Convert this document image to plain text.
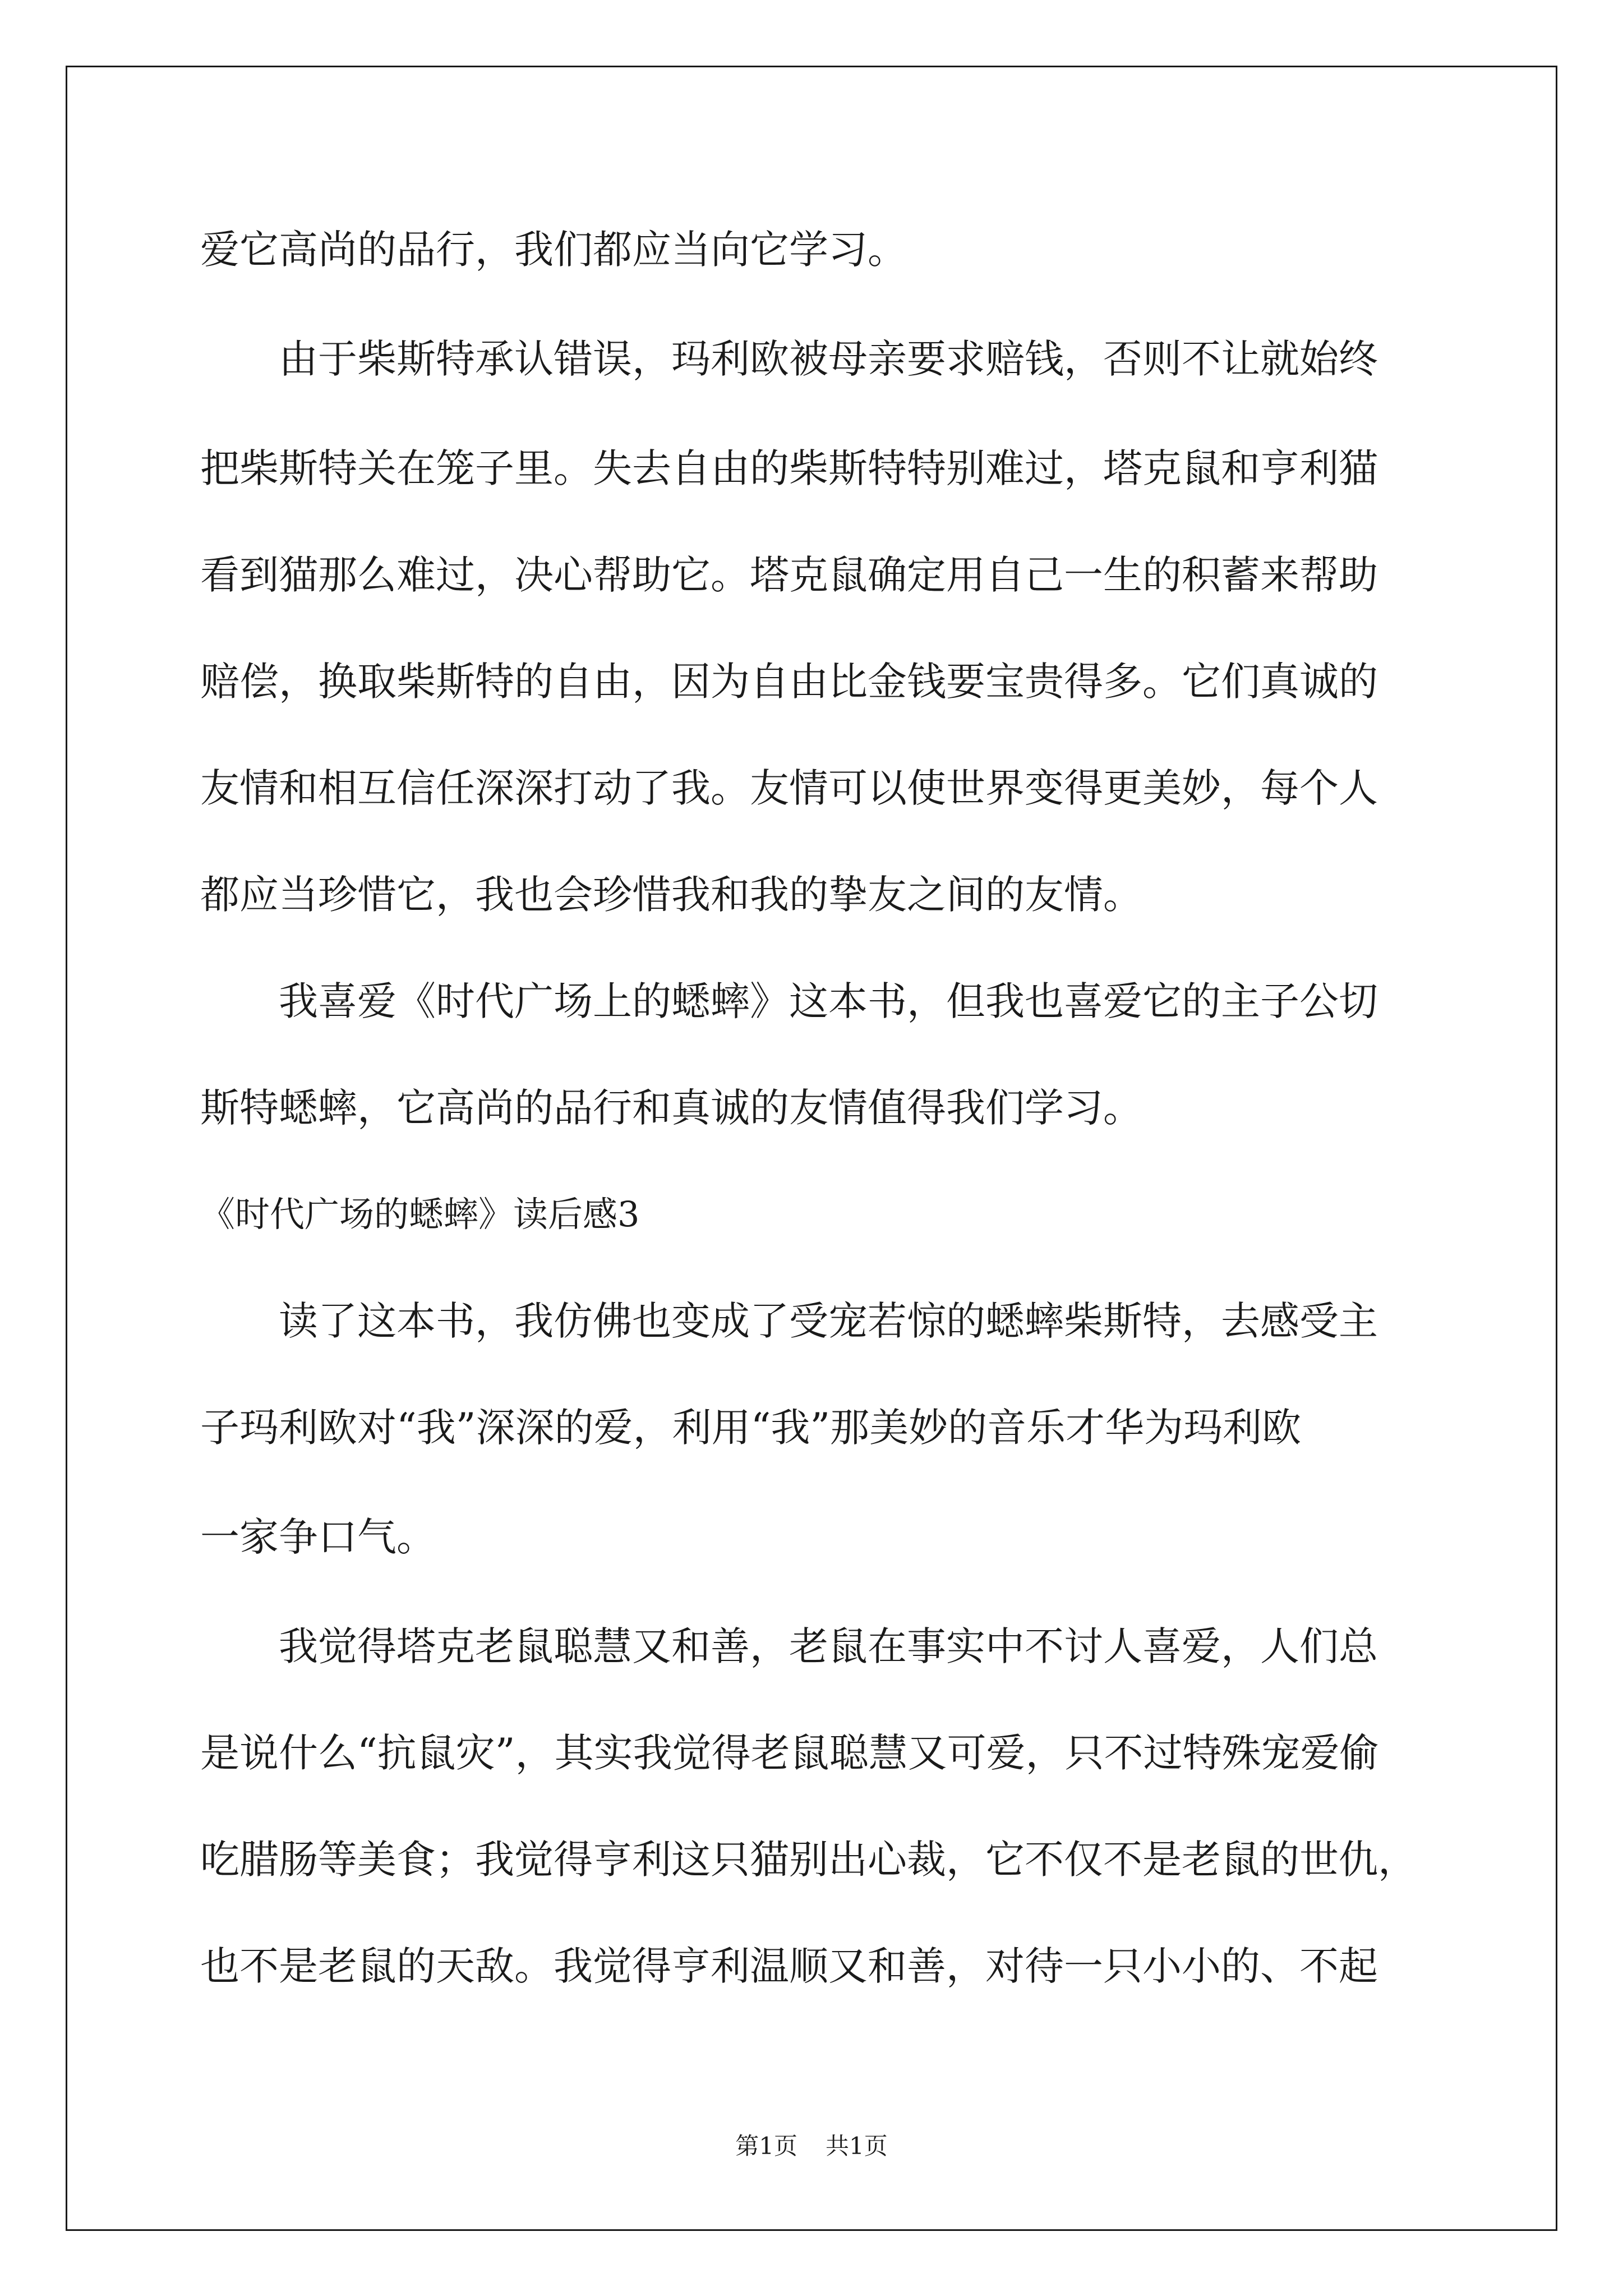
爱它高尚的品行，我们都应当向它学习。
　　由于柴斯特承认错误，玛利欧被母亲要求赔钱，否则不让就始终
把柴斯特关在笼子里。失去自由的柴斯特特别难过，塔克鼠和亨利猫
看到猫那么难过，决心帮助它。塔克鼠确定用自己一生的积蓄来帮助
赔偿，换取柴斯特的自由，因为自由比金钱要宝贵得多。它们真诚的
友情和相互信任深深打动了我。友情可以使世界变得更美妙，每个人
都应当珍惜它，我也会珍惜我和我的挚友之间的友情。
　　我喜爱《时代广场上的蟋蟀》这本书，但我也喜爱它的主子公切
斯特蟋蟀，它高尚的品行和真诚的友情值得我们学习。
《时代广场的蟋蟀》读后感3
　　读了这本书，我仿佛也变成了受宠若惊的蟋蟀柴斯特，去感受主
子玛利欧对“我”深深的爱，利用“我”那美妙的音乐才华为玛利欧
一家争口气。
　　我觉得塔克老鼠聪慧又和善，老鼠在事实中不讨人喜爱，人们总
是说什么“抗鼠灾”，其实我觉得老鼠聪慧又可爱，只不过特殊宠爱偷
吃腊肠等美食；我觉得亨利这只猫别出心裁，它不仅不是老鼠的世仇，
也不是老鼠的天敌。我觉得亨利温顺又和善，对待一只小小的、不起
第1页 共1页
